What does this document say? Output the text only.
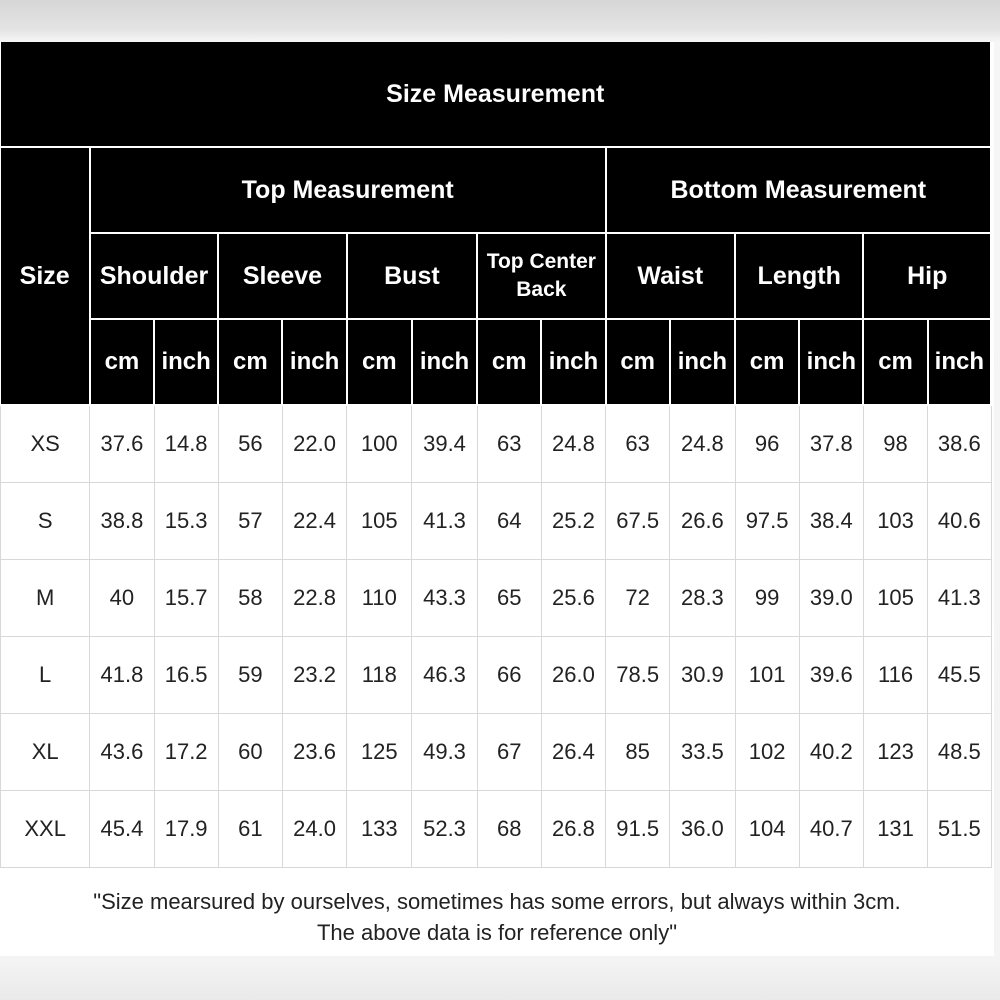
Size Measurement														
Size	Top Measurement								Bottom Measurement					
	Shoulder		Sleeve		Bust		Top Center Back		Waist		Length		Hip	
	cm	inch	cm	inch	cm	inch	cm	inch	cm	inch	cm	inch	cm	inch
XS	37.6	14.8	56	22.0	100	39.4	63	24.8	63	24.8	96	37.8	98	38.6
S	38.8	15.3	57	22.4	105	41.3	64	25.2	67.5	26.6	97.5	38.4	103	40.6
M	40	15.7	58	22.8	110	43.3	65	25.6	72	28.3	99	39.0	105	41.3
L	41.8	16.5	59	23.2	118	46.3	66	26.0	78.5	30.9	101	39.6	116	45.5
XL	43.6	17.2	60	23.6	125	49.3	67	26.4	85	33.5	102	40.2	123	48.5
XXL	45.4	17.9	61	24.0	133	52.3	68	26.8	91.5	36.0	104	40.7	131	51.5
"Size mearsured by ourselves, sometimes has some errors, but always within 3cm.
The above data is for reference only"
